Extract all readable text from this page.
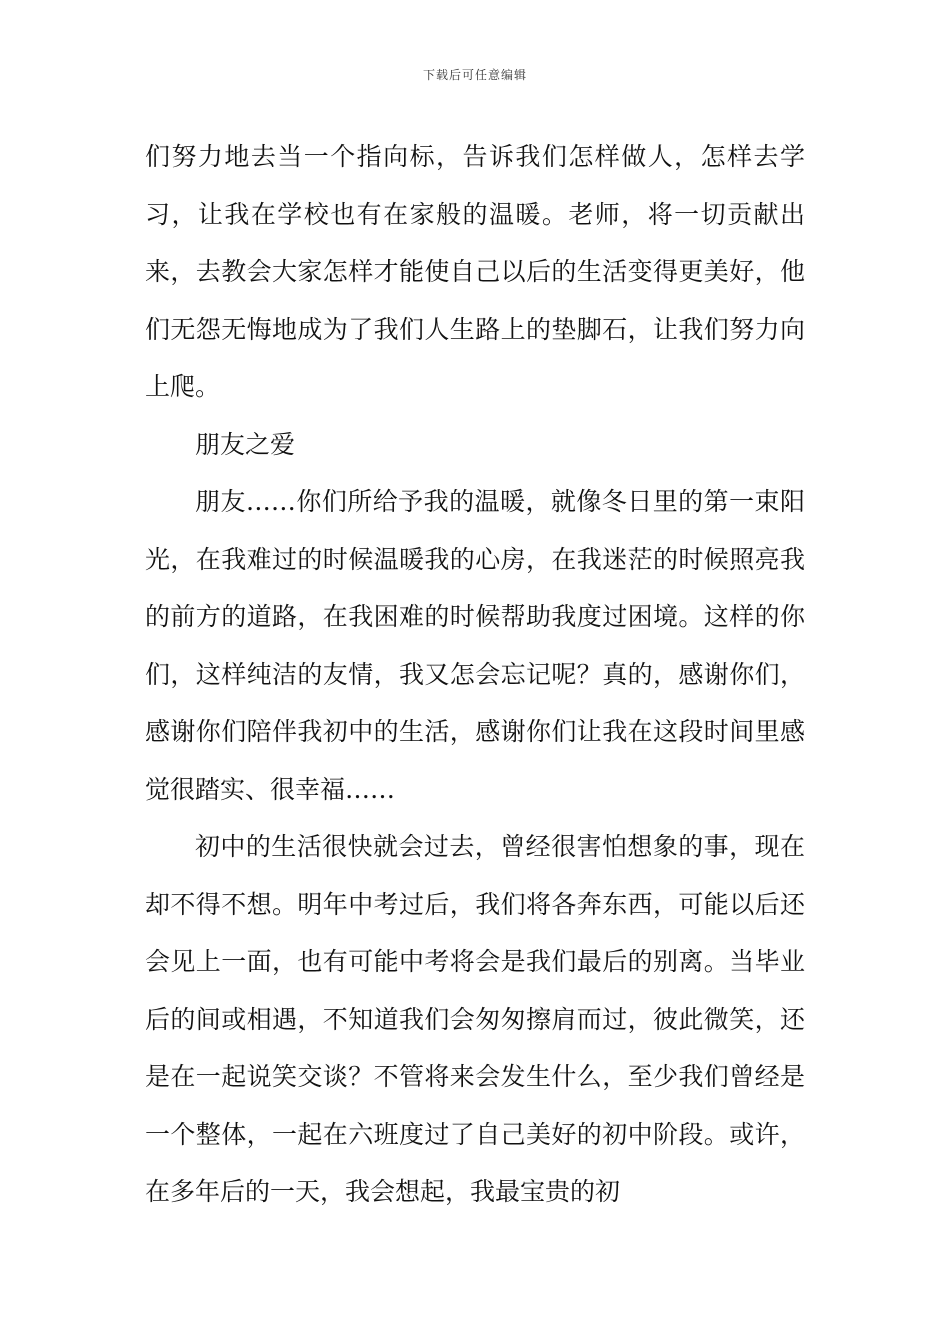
下载后可任意编辑

们努力地去当一个指向标，告诉我们怎样做人，怎样去学习，让我在学校也有在家般的温暖。老师，将一切贡献出来，去教会大家怎样才能使自己以后的生活变得更美好，他们无怨无悔地成为了我们人生路上的垫脚石，让我们努力向上爬。

朋友之爱

朋友……你们所给予我的温暖，就像冬日里的第一束阳光，在我难过的时候温暖我的心房，在我迷茫的时候照亮我的前方的道路，在我困难的时候帮助我度过困境。这样的你们，这样纯洁的友情，我又怎会忘记呢？真的，感谢你们，感谢你们陪伴我初中的生活，感谢你们让我在这段时间里感觉很踏实、很幸福……

初中的生活很快就会过去，曾经很害怕想象的事，现在却不得不想。明年中考过后，我们将各奔东西，可能以后还会见上一面，也有可能中考将会是我们最后的别离。当毕业后的间或相遇，不知道我们会匆匆擦肩而过，彼此微笑，还是在一起说笑交谈？不管将来会发生什么，至少我们曾经是一个整体，一起在六班度过了自己美好的初中阶段。或许，在多年后的一天，我会想起，我最宝贵的初
